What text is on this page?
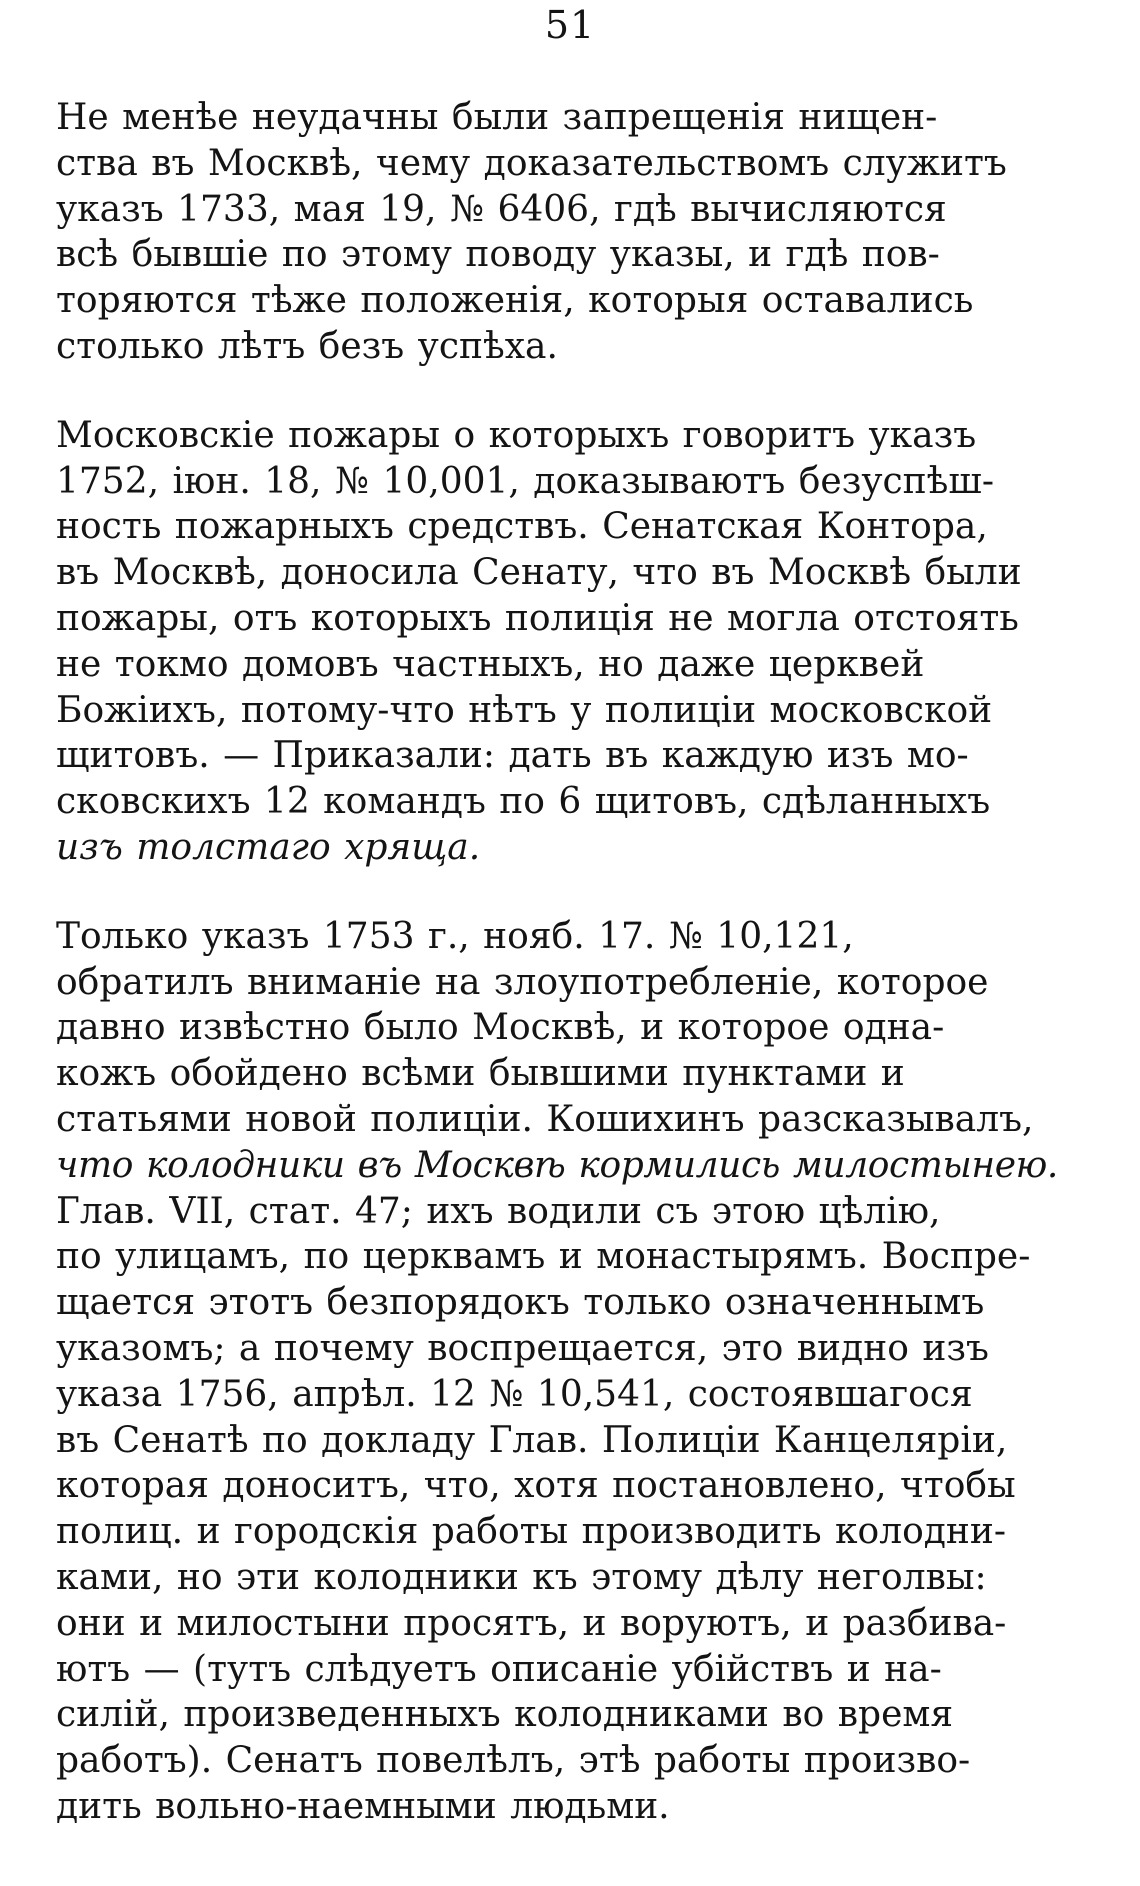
51

Не менѣе неудачны были запрещенія нищен-
ства въ Москвѣ, чему доказательствомъ служитъ
указъ 1733, мая 19, № 6406, гдѣ вычисляются
всѣ бывшіе по этому поводу указы, и гдѣ пов-
торяются тѣже положенія, которыя оставались
столько лѣтъ безъ успѣха.

Московскіе пожары о которыхъ говоритъ указъ
1752, іюн. 18, № 10,001, доказываютъ безуспѣш-
ность пожарныхъ средствъ. Сенатская Контора,
въ Москвѣ, доносила Сенату, что въ Москвѣ были
пожары, отъ которыхъ полиція не могла отстоять
не токмо домовъ частныхъ, но даже церквей
Божіихъ, потому-что нѣтъ у полиціи московской
щитовъ. — Приказали: дать въ каждую изъ мо-
сковскихъ 12 командъ по 6 щитовъ, сдѣланныхъ
изъ толстаго хряща.

Только указъ 1753 г., нояб. 17. № 10,121,
обратилъ вниманіе на злоупотребленіе, которое
давно извѣстно было Москвѣ, и которое одна-
кожъ обойдено всѣми бывшими пунктами и
статьями новой полиціи. Кошихинъ разсказывалъ,
что колодники въ Москвѣ кормились милостынею.
Глав. VII, стат. 47; ихъ водили съ этою цѣлію,
по улицамъ, по церквамъ и монастырямъ. Воспре-
щается этотъ безпорядокъ только означеннымъ
указомъ; а почему воспрещается, это видно изъ
указа 1756, апрѣл. 12 № 10,541, состоявшагося
въ Сенатѣ по докладу Глав. Полиціи Канцеляріи,
которая доноситъ, что, хотя постановлено, чтобы
полиц. и городскія работы производить колодни-
ками, но эти колодники къ этому дѣлу неголвы:
они и милостыни просятъ, и воруютъ, и разбива-
ютъ — (тутъ слѣдуетъ описаніе убійствъ и на-
силій, произведенныхъ колодниками во время
работъ). Сенатъ повелѣлъ, этѣ работы произво-
дить вольно-наемными людьми.
